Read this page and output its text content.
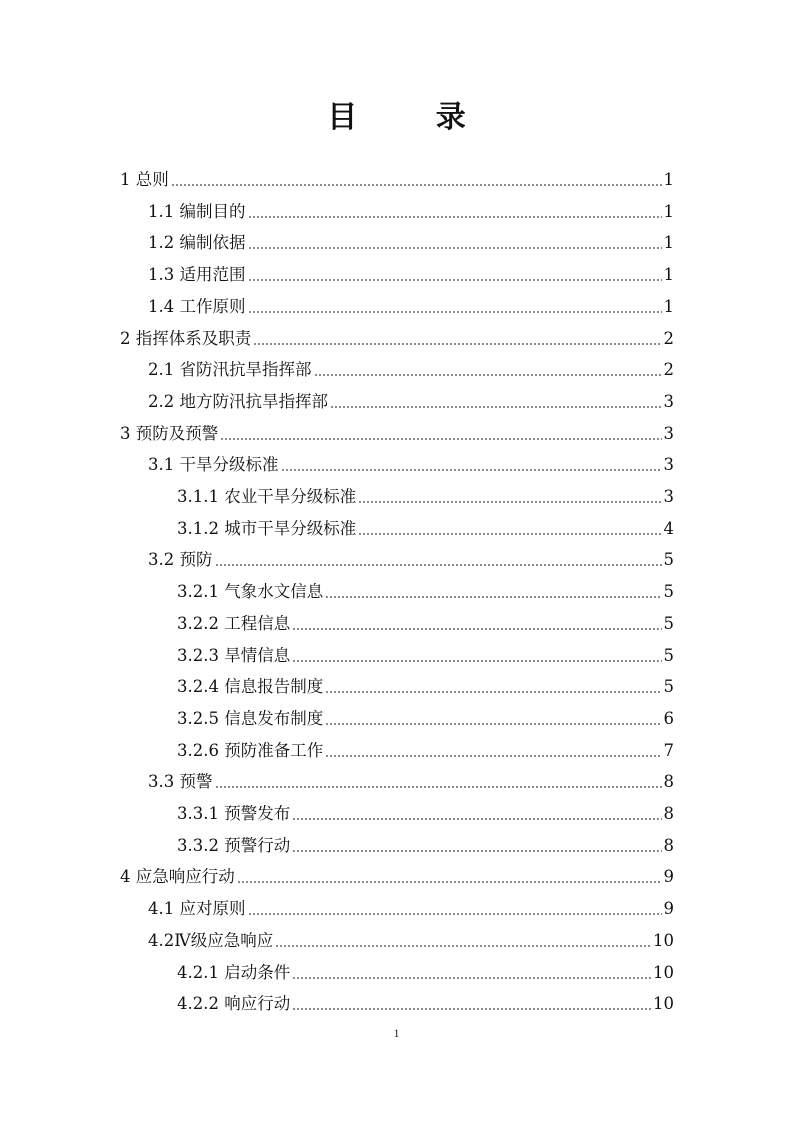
目 录
1 总则	1
1.1 编制目的	1
1.2 编制依据	1
1.3 适用范围	1
1.4 工作原则	1
2 指挥体系及职责	2
2.1 省防汛抗旱指挥部	2
2.2 地方防汛抗旱指挥部	3
3 预防及预警	3
3.1 干旱分级标准	3
3.1.1 农业干旱分级标准	3
3.1.2 城市干旱分级标准	4
3.2 预防	5
3.2.1 气象水文信息	5
3.2.2 工程信息	5
3.2.3 旱情信息	5
3.2.4 信息报告制度	5
3.2.5 信息发布制度	6
3.2.6 预防准备工作	7
3.3 预警	8
3.3.1 预警发布	8
3.3.2 预警行动	8
4 应急响应行动	9
4.1 应对原则	9
4.2Ⅳ级应急响应	10
4.2.1 启动条件	10
4.2.2 响应行动	10
1
